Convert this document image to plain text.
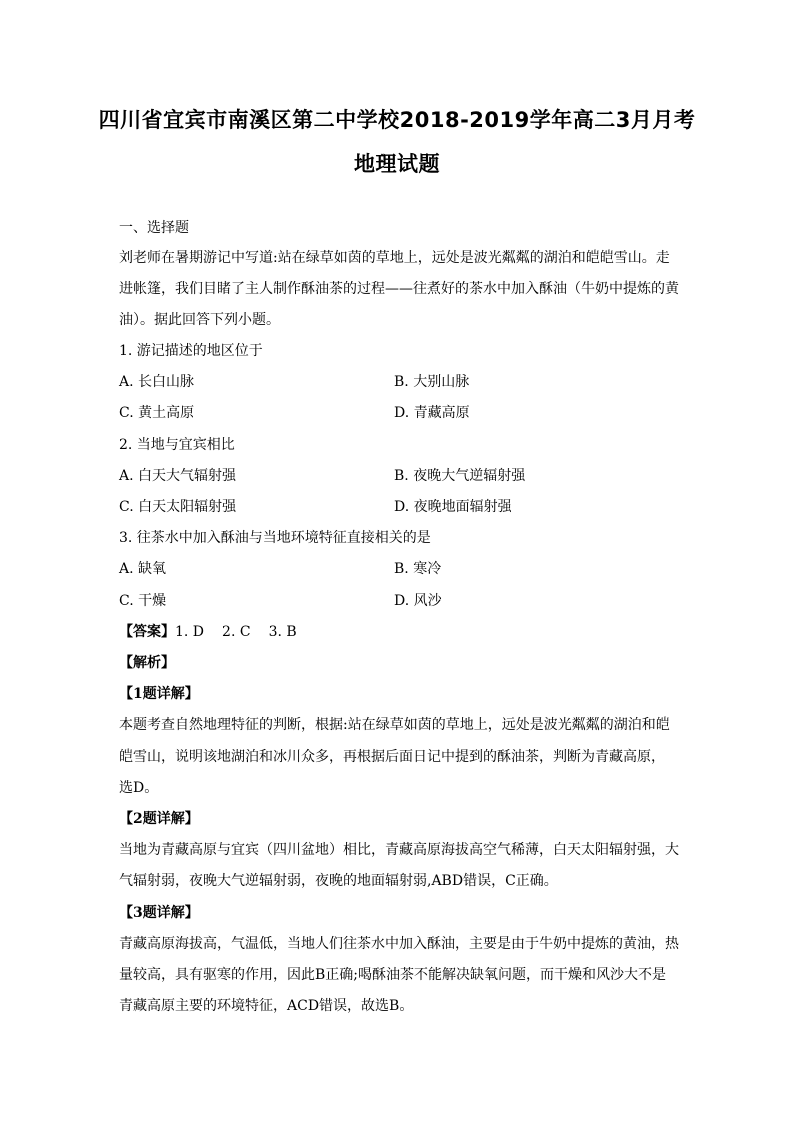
四川省宜宾市南溪区第二中学校2018-2019学年高二3月月考
地理试题
一、选择题
刘老师在暑期游记中写道:站在绿草如茵的草地上，远处是波光粼粼的湖泊和皑皑雪山。走
进帐篷，我们目睹了主人制作酥油茶的过程——往煮好的茶水中加入酥油（牛奶中提炼的黄
油）。据此回答下列小题。
1. 游记描述的地区位于
A. 长白山脉	B. 大别山脉
C. 黄土高原	D. 青藏高原
2. 当地与宜宾相比
A. 白天大气辐射强	B. 夜晚大气逆辐射强
C. 白天太阳辐射强	D. 夜晚地面辐射强
3. 往茶水中加入酥油与当地环境特征直接相关的是
A. 缺氧	B. 寒冷
C. 干燥	D. 风沙
【答案】1. D 2. C 3. B
【解析】
【1题详解】
本题考查自然地理特征的判断，根据:站在绿草如茵的草地上，远处是波光粼粼的湖泊和皑
皑雪山，说明该地湖泊和冰川众多，再根据后面日记中提到的酥油茶，判断为青藏高原，
选D。
【2题详解】
当地为青藏高原与宜宾（四川盆地）相比，青藏高原海拔高空气稀薄，白天太阳辐射强，大
气辐射弱，夜晚大气逆辐射弱，夜晚的地面辐射弱,ABD错误，C正确。
【3题详解】
青藏高原海拔高，气温低，当地人们往茶水中加入酥油，主要是由于牛奶中提炼的黄油，热
量较高，具有驱寒的作用，因此B正确;喝酥油茶不能解决缺氧问题，而干燥和风沙大不是
青藏高原主要的环境特征，ACD错误，故选B。
